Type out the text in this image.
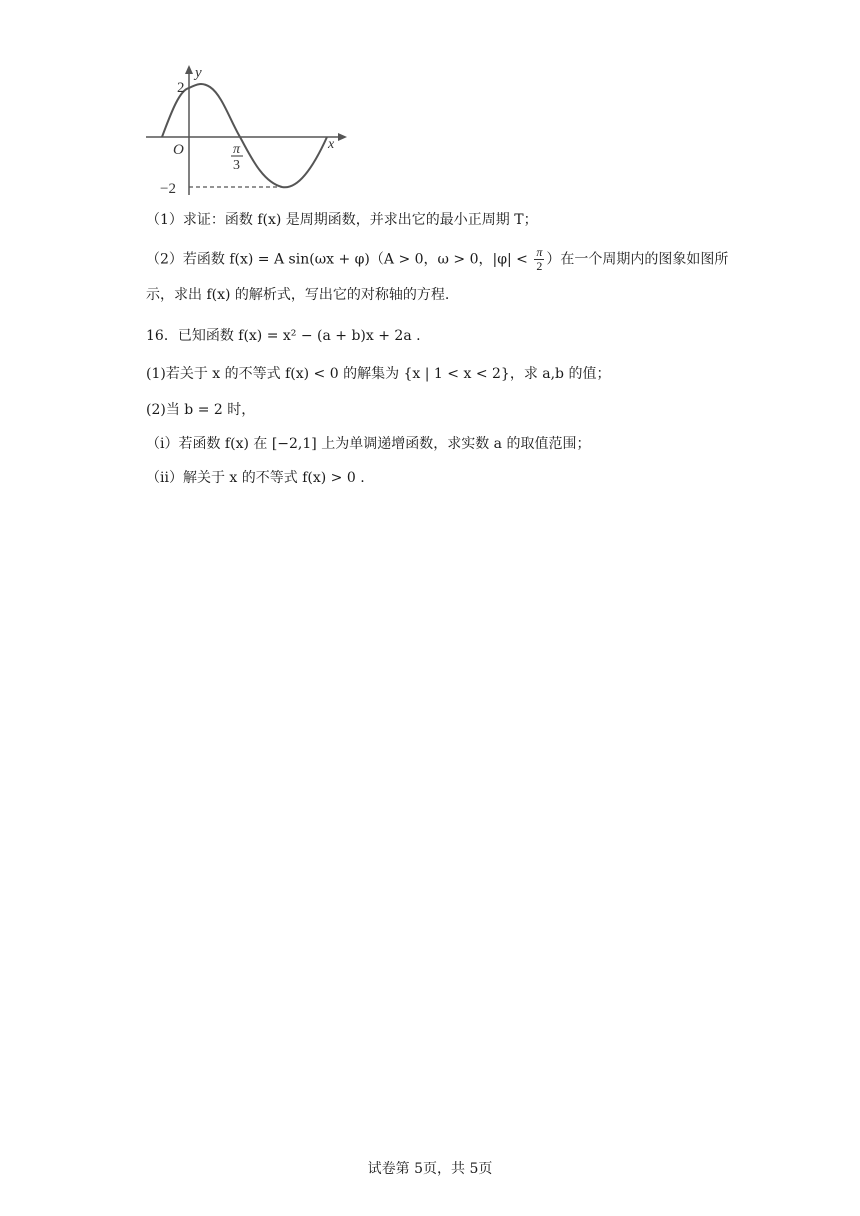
y
x
O
2
−2
π
3
（1）求证：函数 f(x) 是周期函数，并求出它的最小正周期 T；
（2）若函数 f(x) = A sin(ωx + φ)（A > 0，ω > 0，$|\varphi| < \frac{\pi}{2}$ ）在一个周期内的图象如图所
示，求出 f(x) 的解析式，写出它的对称轴的方程.
16．已知函数 f(x) = x² − (a + b)x + 2a .
(1)若关于 x 的不等式 f(x) < 0 的解集为 {x | 1 < x < 2}，求 a,b 的值；
(2)当 b = 2 时，
（i）若函数 f(x) 在 [−2,1] 上为单调递增函数，求实数 a 的取值范围；
（ii）解关于 x 的不等式 f(x) > 0 .
试卷第 5页，共 5页
